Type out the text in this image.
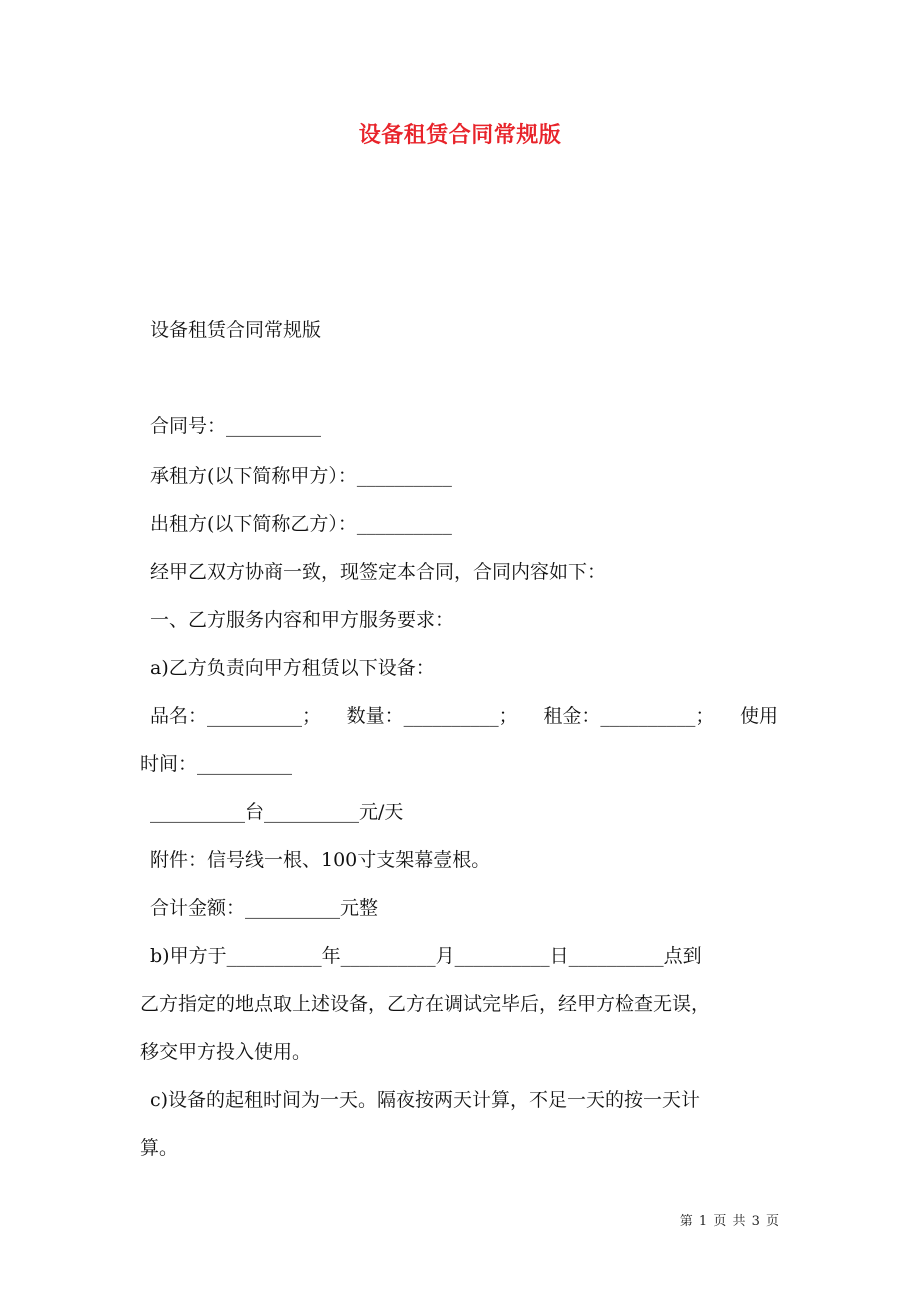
设备租赁合同常规版
设备租赁合同常规版
合同号：__________
承租方(以下简称甲方）：__________
出租方(以下简称乙方）：__________
经甲乙双方协商一致，现签定本合同，合同内容如下：
一、乙方服务内容和甲方服务要求：
a)乙方负责向甲方租赁以下设备：
品名：__________； 数量：__________； 租金：__________； 使用
时间：__________
__________台__________元/天
附件：信号线一根、100寸支架幕壹根。
合计金额：__________元整
b)甲方于__________年__________月__________日__________点到
乙方指定的地点取上述设备，乙方在调试完毕后，经甲方检查无误，
移交甲方投入使用。
c)设备的起租时间为一天。隔夜按两天计算，不足一天的按一天计
算。
第 1 页 共 3 页
